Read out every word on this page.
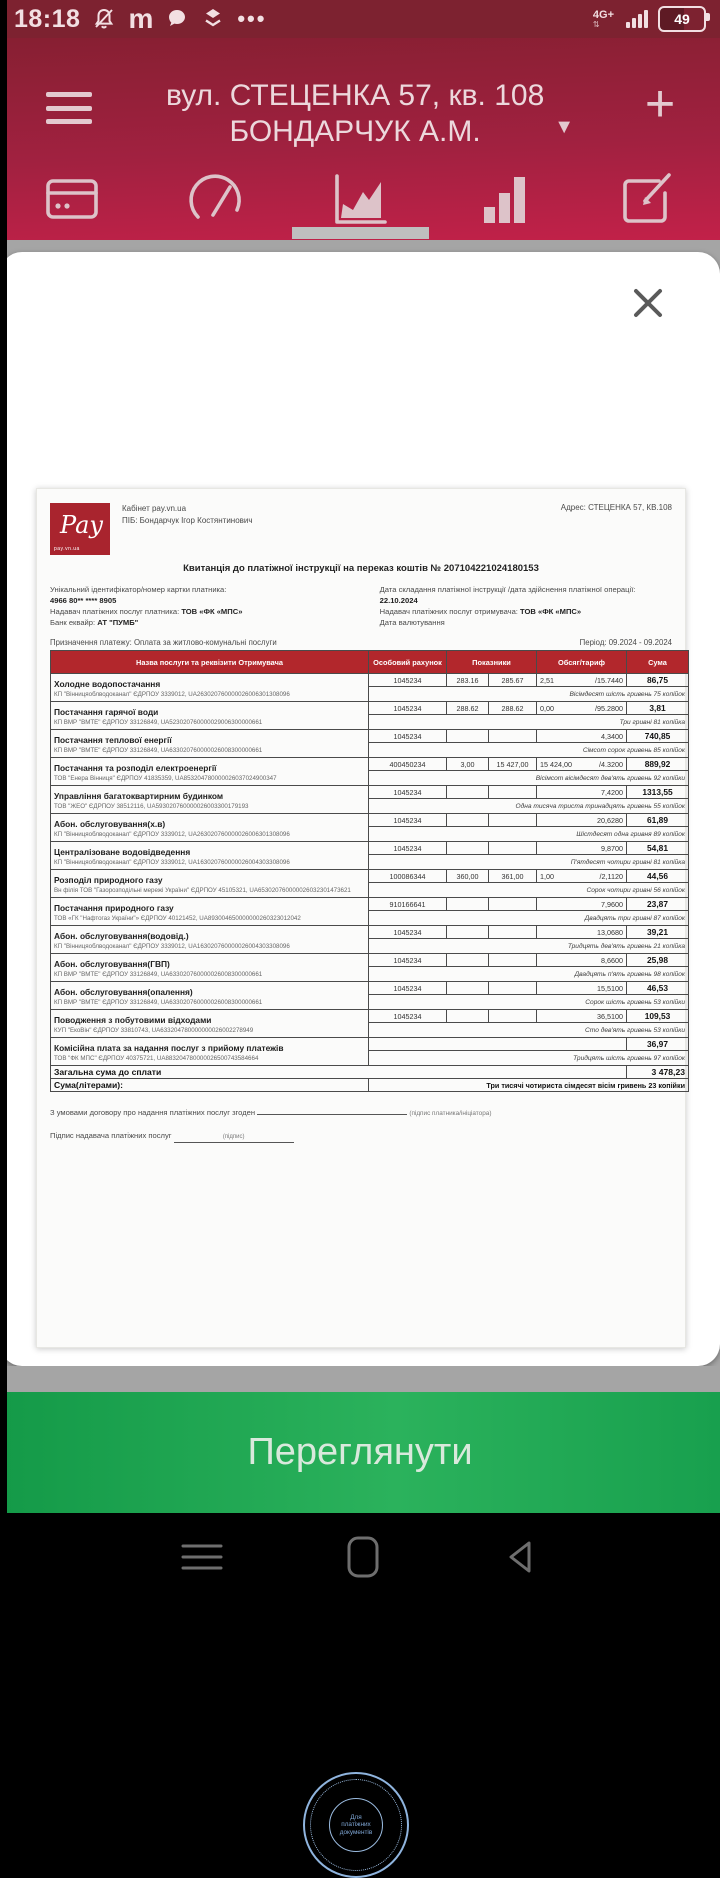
18:18 m	•••	4G+
⇅	49
вул. СТЕЦЕНКА 57, кв. 108
БОНДАРЧУК А.М.	▼ +
Pay
pay.vn.ua
Кабінет pay.vn.ua
ПІБ: Бондарчук Ігор Костянтинович
Адрес: СТЕЦЕНКА 57, КВ.108
Квитанція до платіжної інструкції на переказ коштів № 207104221024180153
Унікальний ідентифікатор/номер картки платника:
4966 80** **** 8905
Надавач платіжних послуг платника: ТОВ «ФК «МПС»
Банк еквайр: АТ "ПУМБ"
Дата складання платіжної інструкції /дата здійснення платіжної операції:
22.10.2024
Надавач платіжних послуг отримувача: ТОВ «ФК «МПС»
Дата валютування
Призначення платежу: Оплата за житлово-комунальні послуги	Період: 09.2024 - 09.2024
Назва послуги та реквізити Отримувача	Особовий рахунок	Показники		Обсяг/тариф	Сума

Холодне водопостачання
КП "Вінницяоблводоканал" ЄДРПОУ 3339012, UA263020760000026006301308096
	1045234	283.16	285.67	2,51	/15.7440	86,75
	Вісімдесят шість гривень 75 копійок				

Постачання гарячої води
КП ВМР "ВМТЕ" ЄДРПОУ 33126849, UA523020760000029006300000661
	1045234	288.62	288.62	0,00	/95.2800	3,81
	Три гривні 81 копійка				

Постачання теплової енергії
КП ВМР "ВМТЕ" ЄДРПОУ 33126849, UA633020760000026008300000661	1045234			4,3400	740,85
	Сімсот сорок гривень 85 копійок				

Постачання та розподіл електроенергії
ТОВ "Енера Вінниця" ЄДРПОУ 41835359, UA853204780000026037024900347
	400450234	3,00	15 427,00	15 424,00	/4.3200	889,92
	Вісімсот вісімдесят дев'ять гривень 92 копійки				

Управління багатоквартирним будинком
ТОВ "ЖЕО" ЄДРПОУ 38512116, UA593020760000026003300179193	1045234			7,4200	1313,55
	Одна тисяча триста тринадцять гривень 55 копійок				

Абон. обслуговування(х.в)
КП "Вінницяоблводоканал" ЄДРПОУ 3339012, UA263020760000026006301308096	1045234			20,6280	61,89
	Шістдесят одна гривня 89 копійок				

Централізоване водовідведення
КП "Вінницяоблводоканал" ЄДРПОУ 3339012, UA163020760000026004303308096	1045234			9,8700	54,81
	П'ятдесят чотири гривні 81 копійка				

Розподіл природного газу
Вн філія ТОВ "Газорозподільні мережі України" ЄДРПОУ 45105321, UA653020760000026032301473621
	100086344	360,00	361,00	1,00	/2,1120	44,56
	Сорок чотири гривні 56 копійок				

Постачання природного газу
ТОВ «ГК "Нафтогаз України"» ЄДРПОУ 40121452, UA893004650000000260323012042	910166641			7,9600	23,87
	Двадцять три гривні 87 копійок				

Абон. обслуговування(водовід.)
КП "Вінницяоблводоканал" ЄДРПОУ 3339012, UA163020760000026004303308096	1045234			13,0680	39,21
	Тридцять дев'ять гривень 21 копійка				

Абон. обслуговування(ГВП)
КП ВМР "ВМТЕ" ЄДРПОУ 33126849, UA633020760000026008300000661	1045234			8,6600	25,98
	Двадцять п'ять гривень 98 копійок				

Абон. обслуговування(опалення)
КП ВМР "ВМТЕ" ЄДРПОУ 33126849, UA633020760000026008300000661	1045234			15,5100	46,53
	Сорок шість гривень 53 копійки				

Поводження з побутовими відходами
КУП "ЕкоВін" ЄДРПОУ 33810743, UA633204780000000026002278949	1045234			36,5100	109,53
	Сто дев'ять гривень 53 копійки				

Комісійна плата за надання послуг з прийому платежів
ТОВ "ФК МПС" ЄДРПОУ 40375721, UA883204780000026500743584664					36,97
	Тридцять шість гривень 97 копійок				
Загальна сума до сплати					3 478,23
Сума(літерами):	Три тисячі чотириста сімдесят вісім гривень 23 копійки				
З умовами договору про надання платіжних послуг згоден	(підпис платника/ініціатора)
Підпис надавача платіжних послуг	(підпис)
Для
платіжних
документів
Переглянути
